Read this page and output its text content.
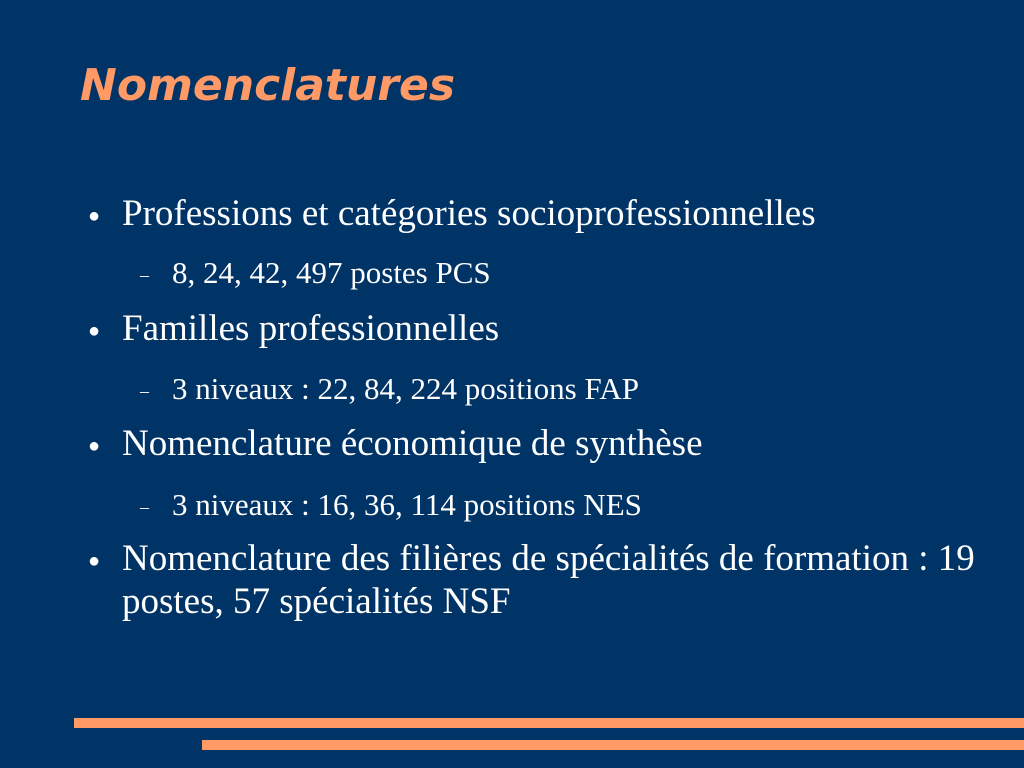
Nomenclatures
● Professions et catégories socioprofessionnelles
– 8, 24, 42, 497 postes PCS
● Familles professionnelles
– 3 niveaux : 22, 84, 224 positions FAP
● Nomenclature économique de synthèse
– 3 niveaux : 16, 36, 114 positions NES
● Nomenclature des filières de spécialités de formation : 19 postes, 57 spécialités NSF
